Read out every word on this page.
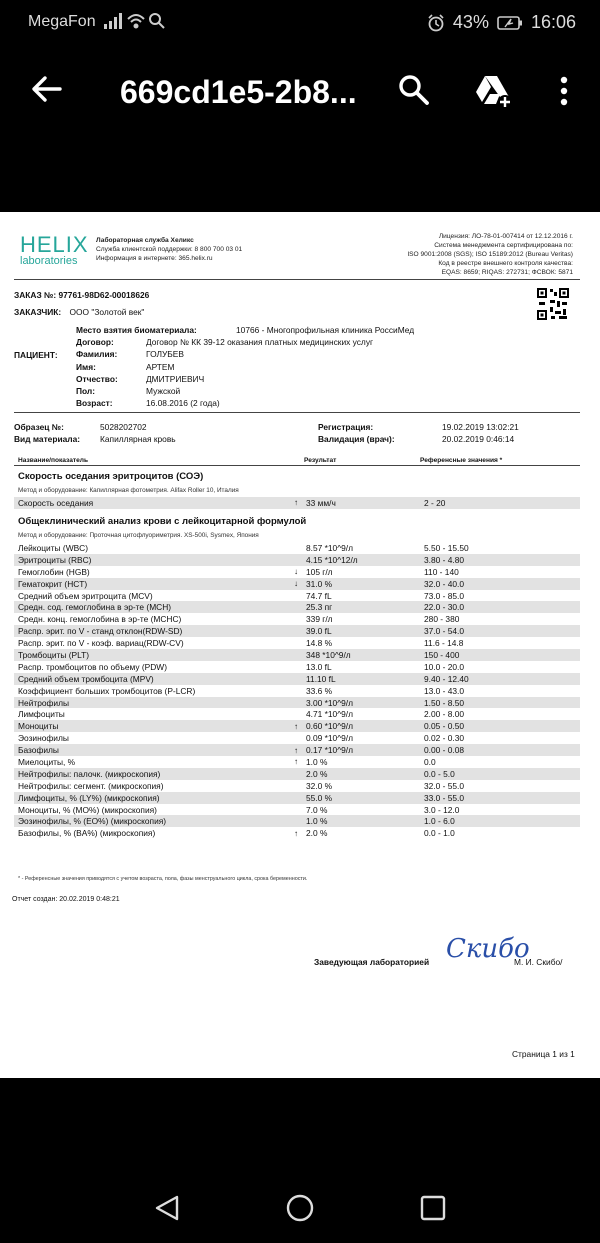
MegaFon	43% 16:06
669cd1e5-2b8...
HELIX
laboratories
Лабораторная служба Хеликс
Служба клиентской поддержки: 8 800 700 03 01
Информация в интернете: 365.helix.ru
Лицензия: ЛО-78-01-007414 от 12.12.2016 г.
Система менеджмента сертифицирована по:
ISO 9001:2008 (SGS); ISO 15189:2012 (Bureau Veritas)
Код в реестре внешнего контроля качества:
EQAS: 8659; RIQAS: 272731; ФСВОК: 5871
ЗАКАЗ №: 97761-98D62-00018626
ЗАКАЗЧИК: ООО "Золотой век"
ПАЦИЕНТ:
Место взятия биоматериала:	10766 - Многопрофильная клиника РоссиМед
Договор:	Договор № КК 39-12 оказания платных медицинских услуг
Фамилия:	ГОЛУБЕВ
Имя:	АРТЕМ
Отчество:	ДМИТРИЕВИЧ
Пол:	Мужской
Возраст:	16.08.2016 (2 года)
Образец №:	5028202702
Вид материала: Капиллярная кровь
Регистрация:	19.02.2019 13:02:21
Валидация (врач):	20.02.2019 0:46:14
Название/показатель	Результат	Референсные значения *
Скорость оседания эритроцитов (СОЭ)
Метод и оборудование: Капиллярная фотометрия. Alifax Roller 10, Италия
Скорость оседания	↑	33 мм/ч	2 - 20
Общеклинический анализ крови с лейкоцитарной формулой
Метод и оборудование: Проточная цитофлуориметрия. XS-500i, Sysmex, Япония
Лейкоциты (WBC)		8.57 *10^9/л	5.50 - 15.50
Эритроциты (RBC)		4.15 *10^12/л	3.80 - 4.80
Гемоглобин (HGB)	↓	105 г/л	110 - 140
Гематокрит (HCT)	↓	31.0 %	32.0 - 40.0
Средний объем эритроцита (MCV)		74.7 fL	73.0 - 85.0
Средн. сод. гемоглобина в эр-те (MCH)		25.3 пг	22.0 - 30.0
Средн. конц. гемоглобина в эр-те (MCHC)		339 г/л	280 - 380
Распр. эрит. по V - станд отклон(RDW-SD)		39.0 fL	37.0 - 54.0
Распр. эрит. по V - коэф. вариац(RDW-CV)		14.8 %	11.6 - 14.8
Тромбоциты (PLT)		348 *10^9/л	150 - 400
Распр. тромбоцитов по объему (PDW)		13.0 fL	10.0 - 20.0
Средний объем тромбоцита (MPV)		11.10 fL	9.40 - 12.40
Коэффициент больших тромбоцитов (P-LCR)		33.6 %	13.0 - 43.0
Нейтрофилы		3.00 *10^9/л	1.50 - 8.50
Лимфоциты		4.71 *10^9/л	2.00 - 8.00
Моноциты	↑	0.60 *10^9/л	0.05 - 0.50
Эозинофилы		0.09 *10^9/л	0.02 - 0.30
Базофилы	↑	0.17 *10^9/л	0.00 - 0.08
Миелоциты, %	↑	1.0 %	0.0
Нейтрофилы: палочк. (микроскопия)		2.0 %	0.0 - 5.0
Нейтрофилы: сегмент. (микроскопия)		32.0 %	32.0 - 55.0
Лимфоциты, % (LY%) (микроскопия)		55.0 %	33.0 - 55.0
Моноциты, % (MO%) (микроскопия)		7.0 %	3.0 - 12.0
Эозинофилы, % (EO%) (микроскопия)		1.0 %	1.0 - 6.0
Базофилы, % (BA%) (микроскопия)	↑	2.0 %	0.0 - 1.0
* - Референсные значения приводятся с учетом возраста, пола, фазы менструального цикла, срока беременности.
Отчет создан: 20.02.2019 0:48:21
Заведующая лабораторией Скибо
М. И. Скибо/
Страница 1 из 1
